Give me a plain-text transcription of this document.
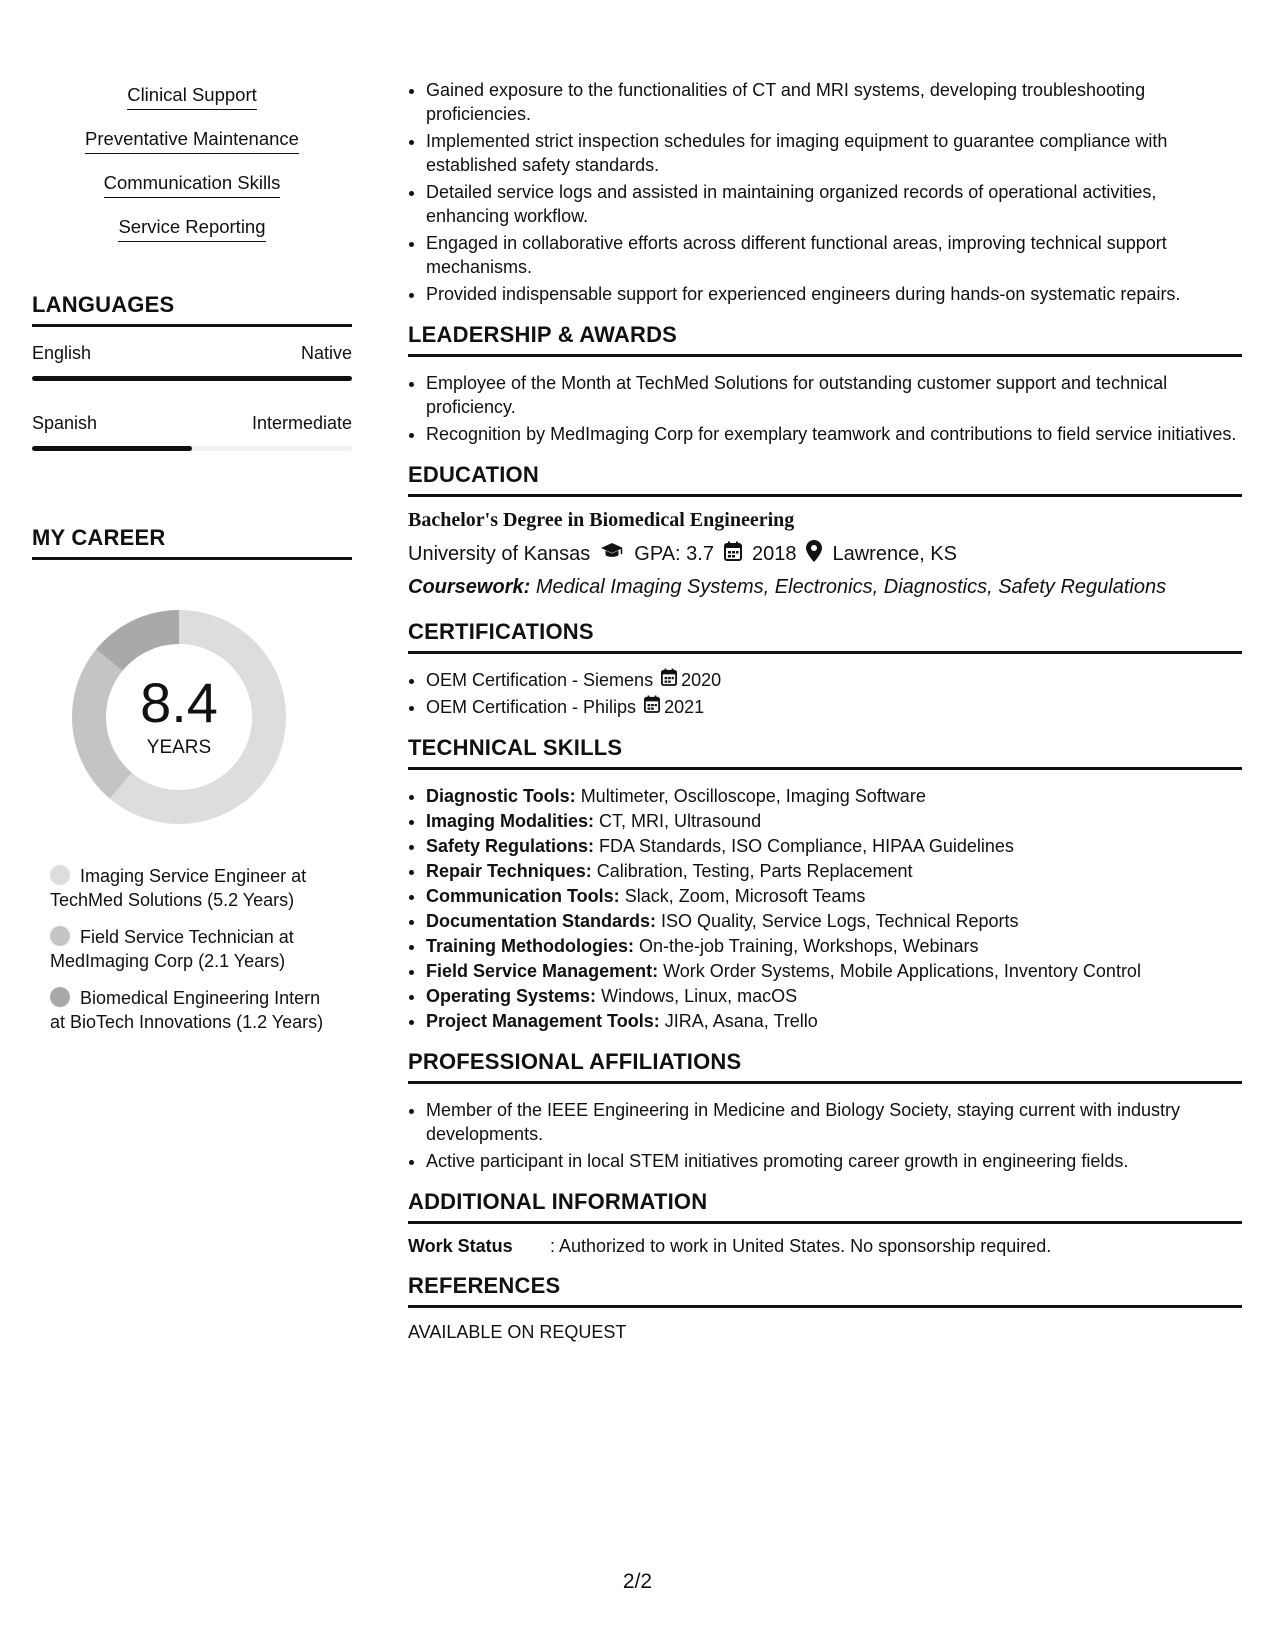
Clinical Support
Preventative Maintenance
Communication Skills
Service Reporting
LANGUAGES
English	Native
Spanish	Intermediate
MY CAREER
8.4
YEARS
Imaging Service Engineer at TechMed Solutions (5.2 Years)
Field Service Technician at MedImaging Corp (2.1 Years)
Biomedical Engineering Intern at BioTech Innovations (1.2 Years)
• Gained exposure to the functionalities of CT and MRI systems, developing troubleshooting proficiencies.
• Implemented strict inspection schedules for imaging equipment to guarantee compliance with established safety standards.
• Detailed service logs and assisted in maintaining organized records of operational activities, enhancing workflow.
• Engaged in collaborative efforts across different functional areas, improving technical support mechanisms.
• Provided indispensable support for experienced engineers during hands-on systematic repairs.
LEADERSHIP & AWARDS
• Employee of the Month at TechMed Solutions for outstanding customer support and technical proficiency.
• Recognition by MedImaging Corp for exemplary teamwork and contributions to field service initiatives.
EDUCATION
Bachelor's Degree in Biomedical Engineering
University of Kansas GPA: 3.7 2018 Lawrence, KS
Coursework: Medical Imaging Systems, Electronics, Diagnostics, Safety Regulations
CERTIFICATIONS
• OEM Certification - Siemens 2020
• OEM Certification - Philips 2021
TECHNICAL SKILLS
• Diagnostic Tools: Multimeter, Oscilloscope, Imaging Software
• Imaging Modalities: CT, MRI, Ultrasound
• Safety Regulations: FDA Standards, ISO Compliance, HIPAA Guidelines
• Repair Techniques: Calibration, Testing, Parts Replacement
• Communication Tools: Slack, Zoom, Microsoft Teams
• Documentation Standards: ISO Quality, Service Logs, Technical Reports
• Training Methodologies: On-the-job Training, Workshops, Webinars
• Field Service Management: Work Order Systems, Mobile Applications, Inventory Control
• Operating Systems: Windows, Linux, macOS
• Project Management Tools: JIRA, Asana, Trello
PROFESSIONAL AFFILIATIONS
• Member of the IEEE Engineering in Medicine and Biology Society, staying current with industry developments.
• Active participant in local STEM initiatives promoting career growth in engineering fields.
ADDITIONAL INFORMATION
Work Status	: Authorized to work in United States. No sponsorship required.
REFERENCES
AVAILABLE ON REQUEST
2/2
